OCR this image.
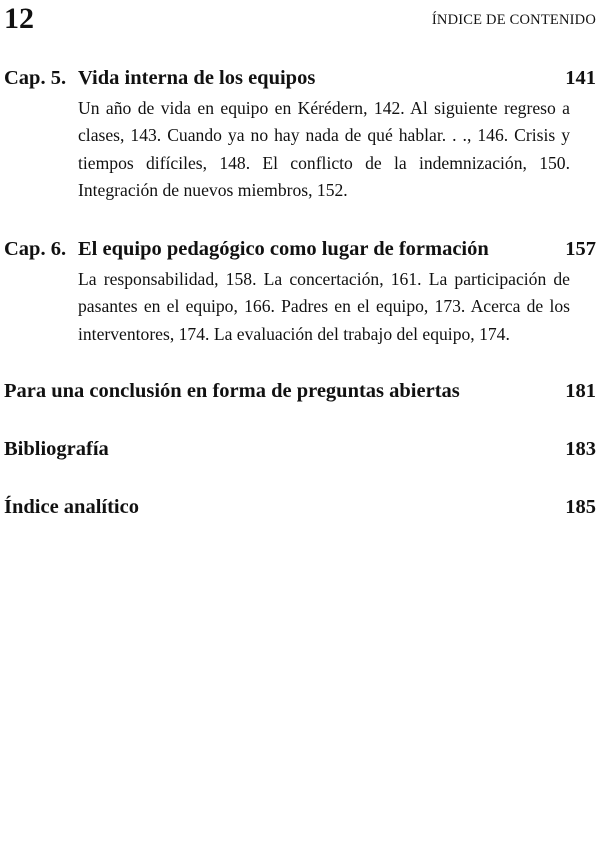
12	ÍNDICE DE CONTENIDO
Cap. 5. Vida interna de los equipos	141
Un año de vida en equipo en Kérédern, 142. Al siguiente regreso a clases, 143. Cuando ya no hay nada de qué hablar. . ., 146. Crisis y tiempos difíciles, 148. El conflicto de la indemnización, 150. Integración de nuevos miembros, 152.
Cap. 6. El equipo pedagógico como lugar de formación	157
La responsabilidad, 158. La concertación, 161. La participación de pasantes en el equipo, 166. Padres en el equipo, 173. Acerca de los interventores, 174. La evaluación del trabajo del equipo, 174.
Para una conclusión en forma de preguntas abiertas	181
Bibliografía	183
Índice analítico	185
